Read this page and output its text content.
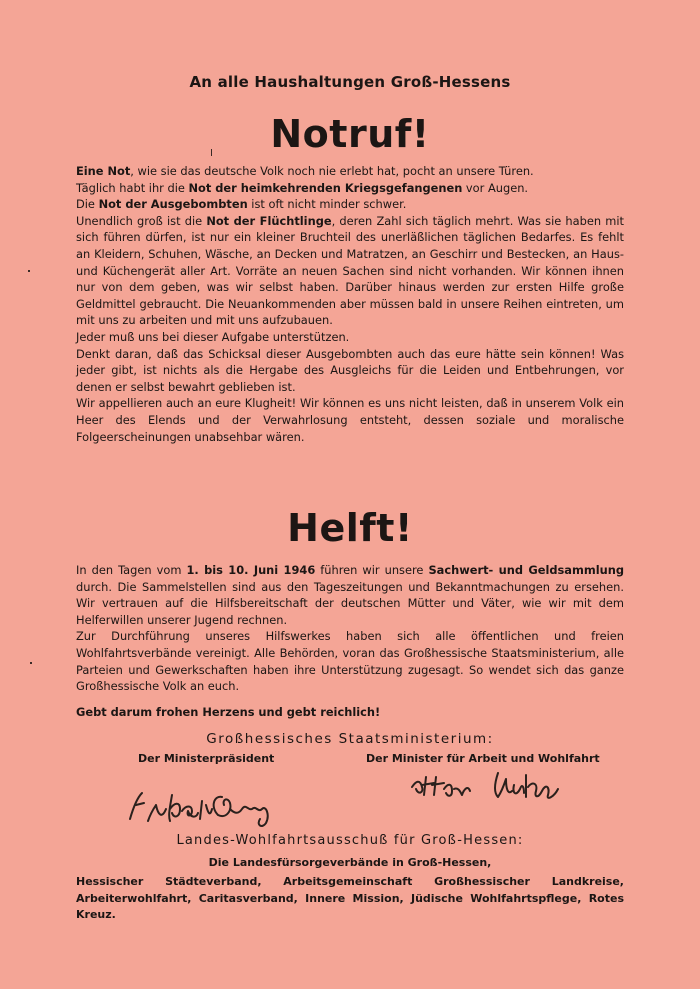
An alle Haushaltungen Groß-Hessens
Notruf!

Eine Not, wie sie das deutsche Volk noch nie erlebt hat, pocht an unsere Türen.

Täglich habt ihr die Not der heimkehrenden Kriegsgefangenen vor Augen.

Die Not der Ausgebombten ist oft nicht minder schwer.

Unendlich groß ist die Not der Flüchtlinge, deren Zahl sich täglich mehrt. Was sie haben mit sich führen dürfen, ist nur ein kleiner Bruchteil des unerläßlichen täglichen Bedarfes. Es fehlt an Kleidern, Schuhen, Wäsche, an Decken und Matratzen, an Geschirr und Bestecken, an Haus- und Küchengerät aller Art. Vorräte an neuen Sachen sind nicht vorhanden. Wir können ihnen nur von dem geben, was wir selbst haben. Darüber hinaus werden zur ersten Hilfe große Geldmittel gebraucht. Die Neuankommenden aber müssen bald in unsere Reihen eintreten, um mit uns zu arbeiten und mit uns aufzubauen.

Jeder muß uns bei dieser Aufgabe unterstützen.

Denkt daran, daß das Schicksal dieser Ausgebombten auch das eure hätte sein können! Was jeder gibt, ist nichts als die Hergabe des Ausgleichs für die Leiden und Entbehrungen, vor denen er selbst bewahrt geblieben ist.

Wir appellieren auch an eure Klugheit! Wir können es uns nicht leisten, daß in unserem Volk ein Heer des Elends und der Verwahrlosung entsteht, dessen soziale und moralische Folgeerscheinungen unabsehbar wären.

Helft!

In den Tagen vom 1. bis 10. Juni 1946 führen wir unsere Sachwert- und Geldsammlung durch. Die Sammelstellen sind aus den Tageszeitungen und Bekanntmachungen zu ersehen. Wir vertrauen auf die Hilfsbereitschaft der deutschen Mütter und Väter, wie wir mit dem Helferwillen unserer Jugend rechnen.

Zur Durchführung unseres Hilfswerkes haben sich alle öffentlichen und freien Wohlfahrtsverbände vereinigt. Alle Behörden, voran das Großhessische Staatsministerium, alle Parteien und Gewerkschaften haben ihre Unterstützung zugesagt. So wendet sich das ganze Großhessische Volk an euch.

Gebt darum frohen Herzens und gebt reichlich!
Großhessisches Staatsministerium:
Der Ministerpräsident	Der Minister für Arbeit und Wohlfahrt
Landes-Wohlfahrtsausschuß für Groß-Hessen:
Die Landesfürsorgeverbände in Groß-Hessen,
Hessischer Städteverband, Arbeitsgemeinschaft Großhessischer Landkreise, Arbeiterwohlfahrt, Caritasverband, Innere Mission, Jüdische Wohlfahrtspflege, Rotes Kreuz.
